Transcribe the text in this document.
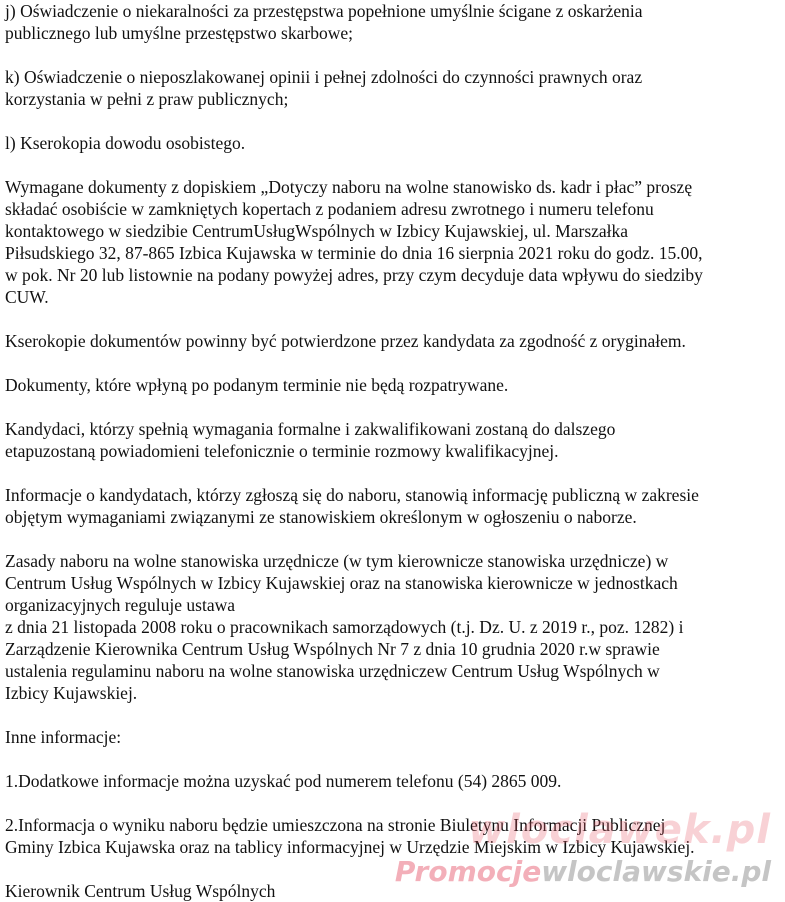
j) Oświadczenie o niekaralności za przestępstwa popełnione umyślnie ścigane z oskarżenia
publicznego lub umyślne przestępstwo skarbowe;
k) Oświadczenie o nieposzlakowanej opinii i pełnej zdolności do czynności prawnych oraz
korzystania w pełni z praw publicznych;
l) Kserokopia dowodu osobistego.
Wymagane dokumenty z dopiskiem „Dotyczy naboru na wolne stanowisko ds. kadr i płac” proszę
składać osobiście w zamkniętych kopertach z podaniem adresu zwrotnego i numeru telefonu
kontaktowego w siedzibie CentrumUsługWspólnych w Izbicy Kujawskiej, ul. Marszałka
Piłsudskiego 32, 87-865 Izbica Kujawska w terminie do dnia 16 sierpnia 2021 roku do godz. 15.00,
w pok. Nr 20 lub listownie na podany powyżej adres, przy czym decyduje data wpływu do siedziby
CUW.
Kserokopie dokumentów powinny być potwierdzone przez kandydata za zgodność z oryginałem.
Dokumenty, które wpłyną po podanym terminie nie będą rozpatrywane.
Kandydaci, którzy spełnią wymagania formalne i zakwalifikowani zostaną do dalszego
etapuzostaną powiadomieni telefonicznie o terminie rozmowy kwalifikacyjnej.
Informacje o kandydatach, którzy zgłoszą się do naboru, stanowią informację publiczną w zakresie
objętym wymaganiami związanymi ze stanowiskiem określonym w ogłoszeniu o naborze.
Zasady naboru na wolne stanowiska urzędnicze (w tym kierownicze stanowiska urzędnicze) w
Centrum Usług Wspólnych w Izbicy Kujawskiej oraz na stanowiska kierownicze w jednostkach
organizacyjnych reguluje ustawa
z dnia 21 listopada 2008 roku o pracownikach samorządowych (t.j. Dz. U. z 2019 r., poz. 1282) i
Zarządzenie Kierownika Centrum Usług Wspólnych Nr 7 z dnia 10 grudnia 2020 r.w sprawie
ustalenia regulaminu naboru na wolne stanowiska urzędniczew Centrum Usług Wspólnych w
Izbicy Kujawskiej.
Inne informacje:
1.Dodatkowe informacje można uzyskać pod numerem telefonu (54) 2865 009.
2.Informacja o wyniku naboru będzie umieszczona na stronie Biuletynu Informacji Publicznej
Gminy Izbica Kujawska oraz na tablicy informacyjnej w Urzędzie Miejskim w Izbicy Kujawskiej.
Kierownik Centrum Usług Wspólnych
wloclawek.pl
Promocjewloclawskie.pl
